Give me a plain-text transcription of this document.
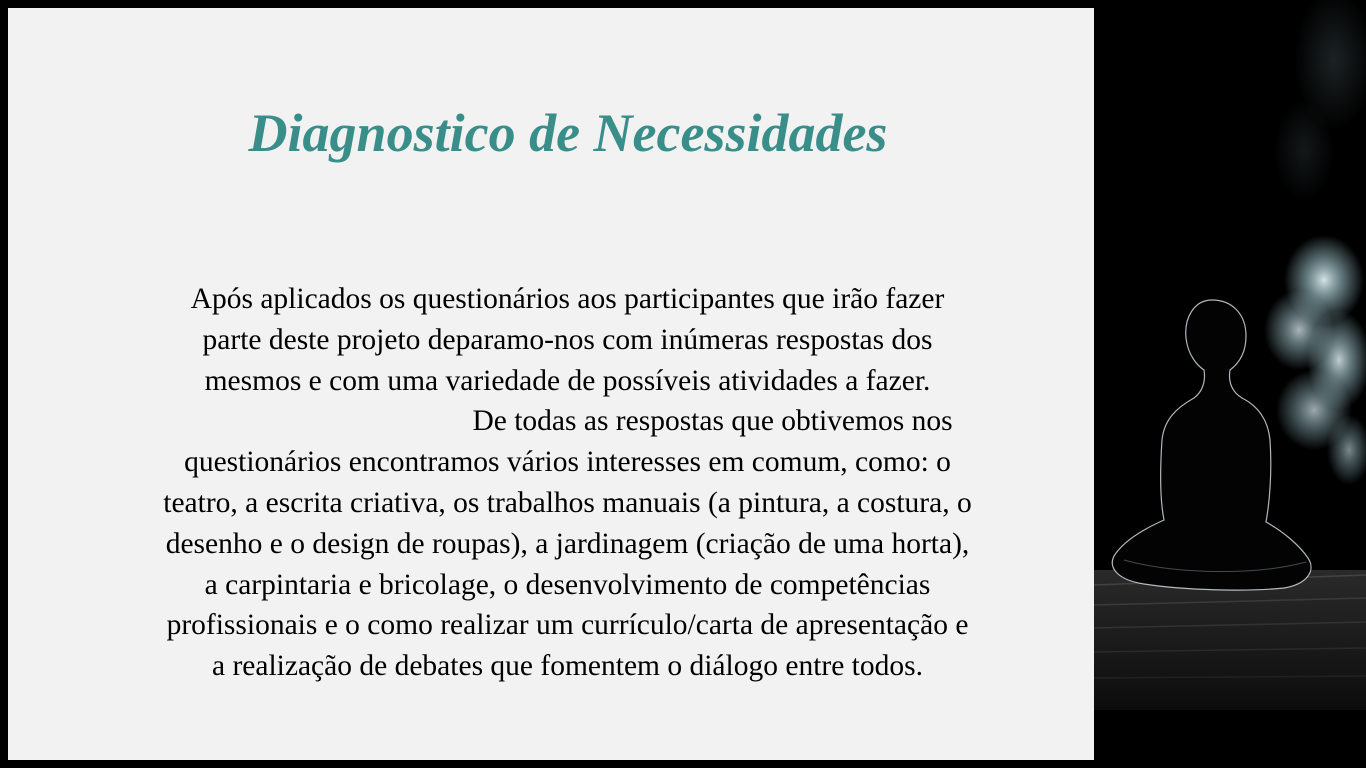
Diagnostico de Necessidades

Após aplicados os questionários aos participantes que irão fazer
parte deste projeto deparamo-nos com inúmeras respostas dos
mesmos e com uma variedade de possíveis atividades a fazer.
De todas as respostas que obtivemos nos
questionários encontramos vários interesses em comum, como: o
teatro, a escrita criativa, os trabalhos manuais (a pintura, a costura, o
desenho e o design de roupas), a jardinagem (criação de uma horta),
a carpintaria e bricolage, o desenvolvimento de competências
profissionais e o como realizar um currículo/carta de apresentação e
a realização de debates que fomentem o diálogo entre todos.
